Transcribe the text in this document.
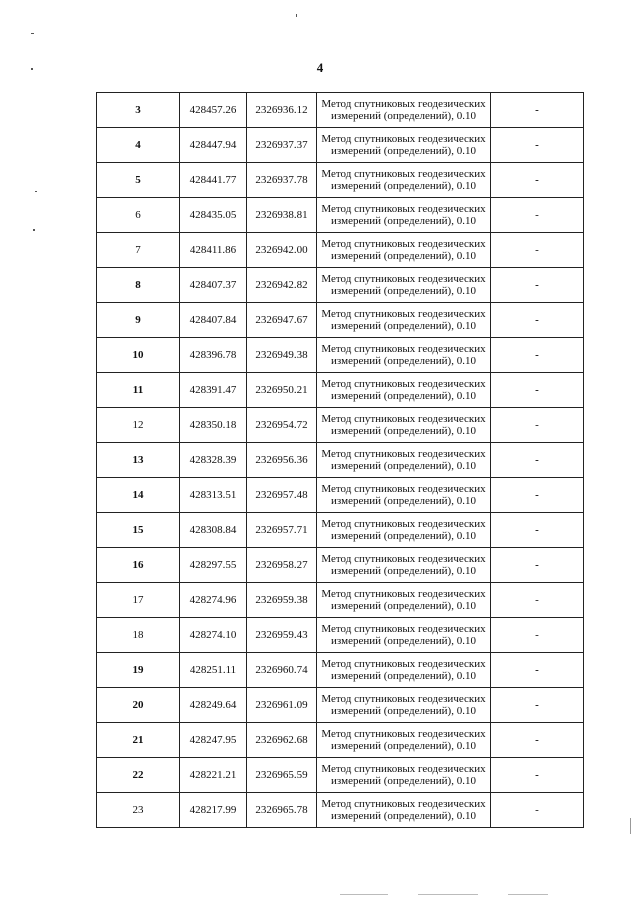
4
3	428457.26	2326936.12	Метод спутниковых геодезических измерений (определений), 0.10	-
4	428447.94	2326937.37	Метод спутниковых геодезических измерений (определений), 0.10	-
5	428441.77	2326937.78	Метод спутниковых геодезических измерений (определений), 0.10	-
6	428435.05	2326938.81	Метод спутниковых геодезических измерений (определений), 0.10	-
7	428411.86	2326942.00	Метод спутниковых геодезических измерений (определений), 0.10	-
8	428407.37	2326942.82	Метод спутниковых геодезических измерений (определений), 0.10	-
9	428407.84	2326947.67	Метод спутниковых геодезических измерений (определений), 0.10	-
10	428396.78	2326949.38	Метод спутниковых геодезических измерений (определений), 0.10	-
11	428391.47	2326950.21	Метод спутниковых геодезических измерений (определений), 0.10	-
12	428350.18	2326954.72	Метод спутниковых геодезических измерений (определений), 0.10	-
13	428328.39	2326956.36	Метод спутниковых геодезических измерений (определений), 0.10	-
14	428313.51	2326957.48	Метод спутниковых геодезических измерений (определений), 0.10	-
15	428308.84	2326957.71	Метод спутниковых геодезических измерений (определений), 0.10	-
16	428297.55	2326958.27	Метод спутниковых геодезических измерений (определений), 0.10	-
17	428274.96	2326959.38	Метод спутниковых геодезических измерений (определений), 0.10	-
18	428274.10	2326959.43	Метод спутниковых геодезических измерений (определений), 0.10	-
19	428251.11	2326960.74	Метод спутниковых геодезических измерений (определений), 0.10	-
20	428249.64	2326961.09	Метод спутниковых геодезических измерений (определений), 0.10	-
21	428247.95	2326962.68	Метод спутниковых геодезических измерений (определений), 0.10	-
22	428221.21	2326965.59	Метод спутниковых геодезических измерений (определений), 0.10	-
23	428217.99	2326965.78	Метод спутниковых геодезических измерений (определений), 0.10	-
